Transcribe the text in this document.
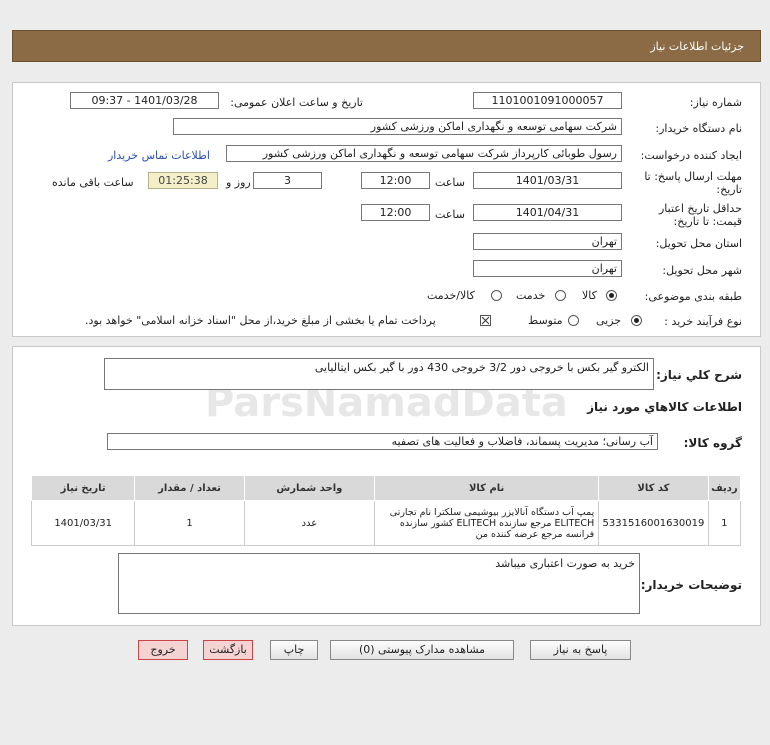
جزئیات اطلاعات نیاز
شماره نیاز:
1101001091000057
تاریخ و ساعت اعلان عمومی:
1401/03/28 - 09:37
نام دستگاه خریدار:
شرکت سهامی توسعه و نگهداری اماکن ورزشی کشور
ایجاد کننده درخواست:
رسول طوبائی کارپرداز شرکت سهامی توسعه و نگهداری اماکن ورزشی کشور
اطلاعات تماس خریدار
مهلت ارسال پاسخ: تا
تاریخ:
1401/03/31
ساعت
12:00
3
روز و
01:25:38
ساعت باقی مانده
حداقل تاریخ اعتبار
قیمت: تا تاریخ:
1401/04/31
ساعت
12:00
استان محل تحویل:
تهران
شهر محل تحویل:
تهران
طبقه بندی موضوعی:
کالا
خدمت
کالا/خدمت
نوع فرآیند خرید :
جزیی
متوسط
پرداخت تمام یا بخشی از مبلغ خرید،از محل "اسناد خزانه اسلامی" خواهد بود.
شرح کلي نياز:
الکترو گیر بکس با خروجی دور 3/2 خروجی 430 دور با گیر بکس ایتالیایی
اطلاعات کالاهاي مورد نياز
گروه کالا:
آب رسانی؛ مدیریت پسماند، فاضلاب و فعالیت های تصفیه
ردیف	کد کالا	نام کالا	واحد شمارش	تعداد / مقدار	تاریخ نیاز
1	5331516001630019	پمپ آب دستگاه آنالایزر بیوشیمی سلکترا نام تجارتی ELITECH مرجع سازنده ELITECH کشور سازنده فرانسه مرجع عرضه کننده من	عدد	1	1401/03/31
توضیحات خریدار:
خرید به صورت اعتباری میباشد
پاسخ به نیاز
مشاهده مدارک پیوستی (0)
چاپ
بازگشت
خروج
